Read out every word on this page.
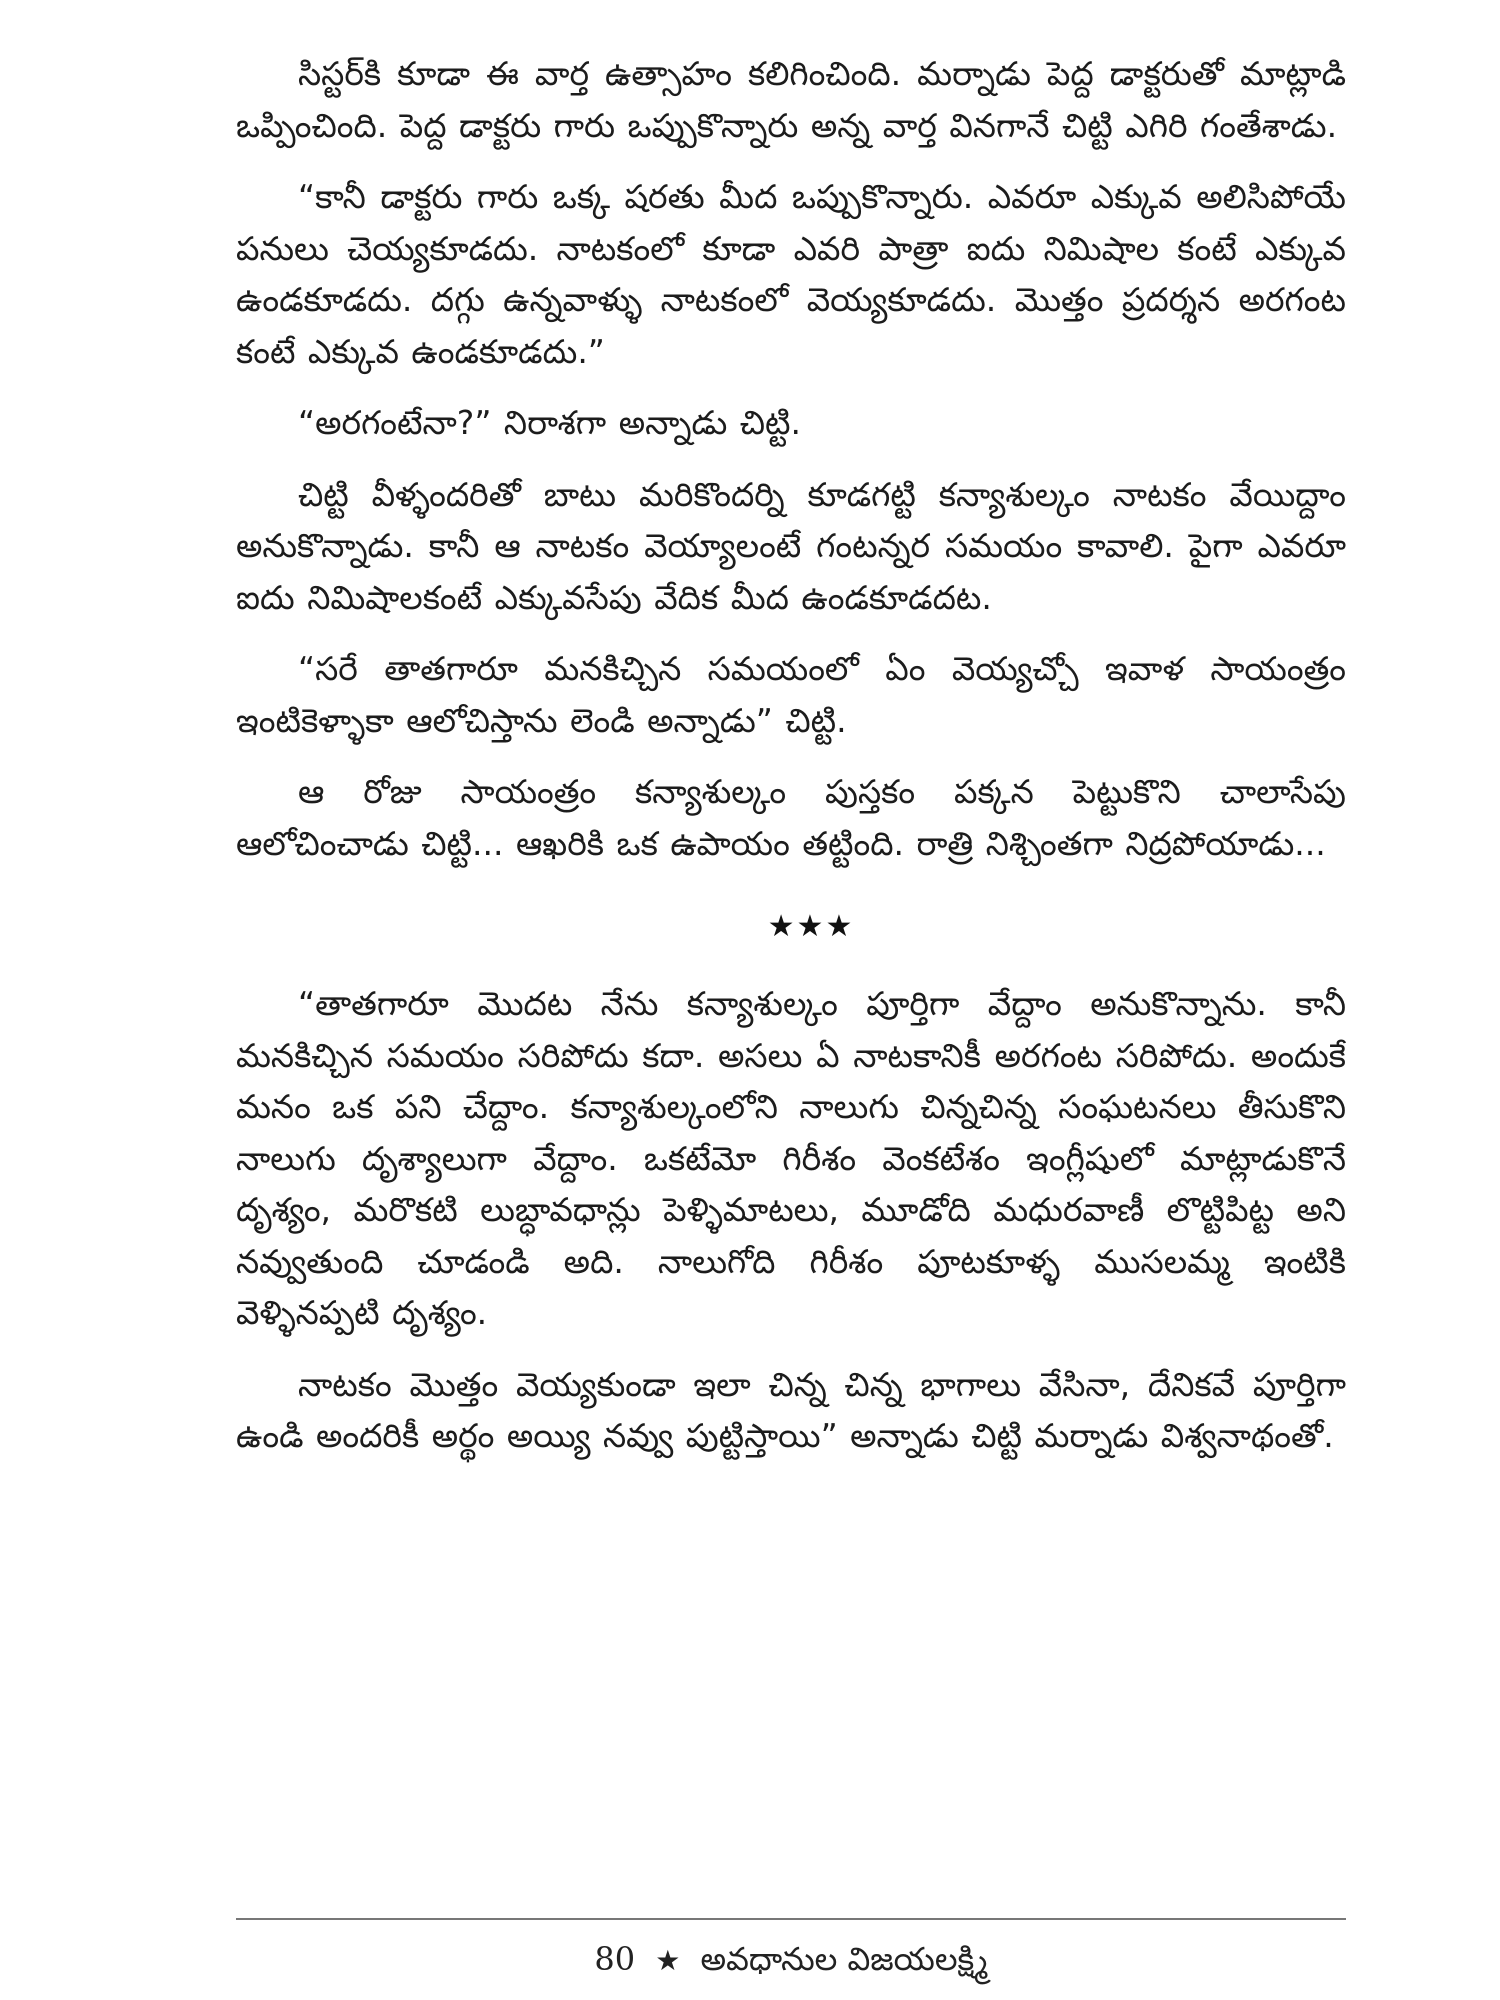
సిస్టర్‌కి కూడా ఈ వార్త ఉత్సాహం కలిగించింది. మర్నాడు పెద్ద డాక్టరుతో మాట్లాడి ఒప్పించింది. పెద్ద డాక్టరు గారు ఒప్పుకొన్నారు అన్న వార్త వినగానే చిట్టి ఎగిరి గంతేశాడు.

“కానీ డాక్టరు గారు ఒక్క షరతు మీద ఒప్పుకొన్నారు. ఎవరూ ఎక్కువ అలిసిపోయే పనులు చెయ్యకూడదు. నాటకంలో కూడా ఎవరి పాత్రా ఐదు నిమిషాల కంటే ఎక్కువ ఉండకూడదు. దగ్గు ఉన్నవాళ్ళు నాటకంలో వెయ్యకూడదు. మొత్తం ప్రదర్శన అరగంట కంటే ఎక్కువ ఉండకూడదు.”

“అరగంటేనా?” నిరాశగా అన్నాడు చిట్టి.

చిట్టి వీళ్ళందరితో బాటు మరికొందర్ని కూడగట్టి కన్యాశుల్కం నాటకం వేయిద్దాం అనుకొన్నాడు. కానీ ఆ నాటకం వెయ్యాలంటే గంటన్నర సమయం కావాలి. పైగా ఎవరూ ఐదు నిమిషాలకంటే ఎక్కువసేపు వేదిక మీద ఉండకూడదట.

“సరే తాతగారూ మనకిచ్చిన సమయంలో ఏం వెయ్యచ్చో ఇవాళ సాయంత్రం ఇంటికెళ్ళాకా ఆలోచిస్తాను లెండి అన్నాడు” చిట్టి.

ఆ రోజు సాయంత్రం కన్యాశుల్కం పుస్తకం పక్కన పెట్టుకొని చాలాసేపు ఆలోచించాడు చిట్టి... ఆఖరికి ఒక ఉపాయం తట్టింది. రాత్రి నిశ్చింతగా నిద్రపోయాడు...

★★★

“తాతగారూ మొదట నేను కన్యాశుల్కం పూర్తిగా వేద్దాం అనుకొన్నాను. కానీ మనకిచ్చిన సమయం సరిపోదు కదా. అసలు ఏ నాటకానికీ అరగంట సరిపోదు. అందుకే మనం ఒక పని చేద్దాం. కన్యాశుల్కంలోని నాలుగు చిన్నచిన్న సంఘటనలు తీసుకొని నాలుగు దృశ్యాలుగా వేద్దాం. ఒకటేమో గిరీశం వెంకటేశం ఇంగ్లీషులో మాట్లాడుకొనే దృశ్యం, మరొకటి లుబ్ధావధాన్లు పెళ్ళిమాటలు, మూడోది మధురవాణీ లొట్టిపిట్ట అని నవ్వుతుంది చూడండి అది. నాలుగోది గిరీశం పూటకూళ్ళ ముసలమ్మ ఇంటికి వెళ్ళినప్పటి దృశ్యం.

నాటకం మొత్తం వెయ్యకుండా ఇలా చిన్న చిన్న భాగాలు వేసినా, దేనికవే పూర్తిగా ఉండి అందరికీ అర్థం అయ్యి నవ్వు పుట్టిస్తాయి” అన్నాడు చిట్టి మర్నాడు విశ్వనాథంతో.

80 ★ అవధానుల విజయలక్ష్మి
